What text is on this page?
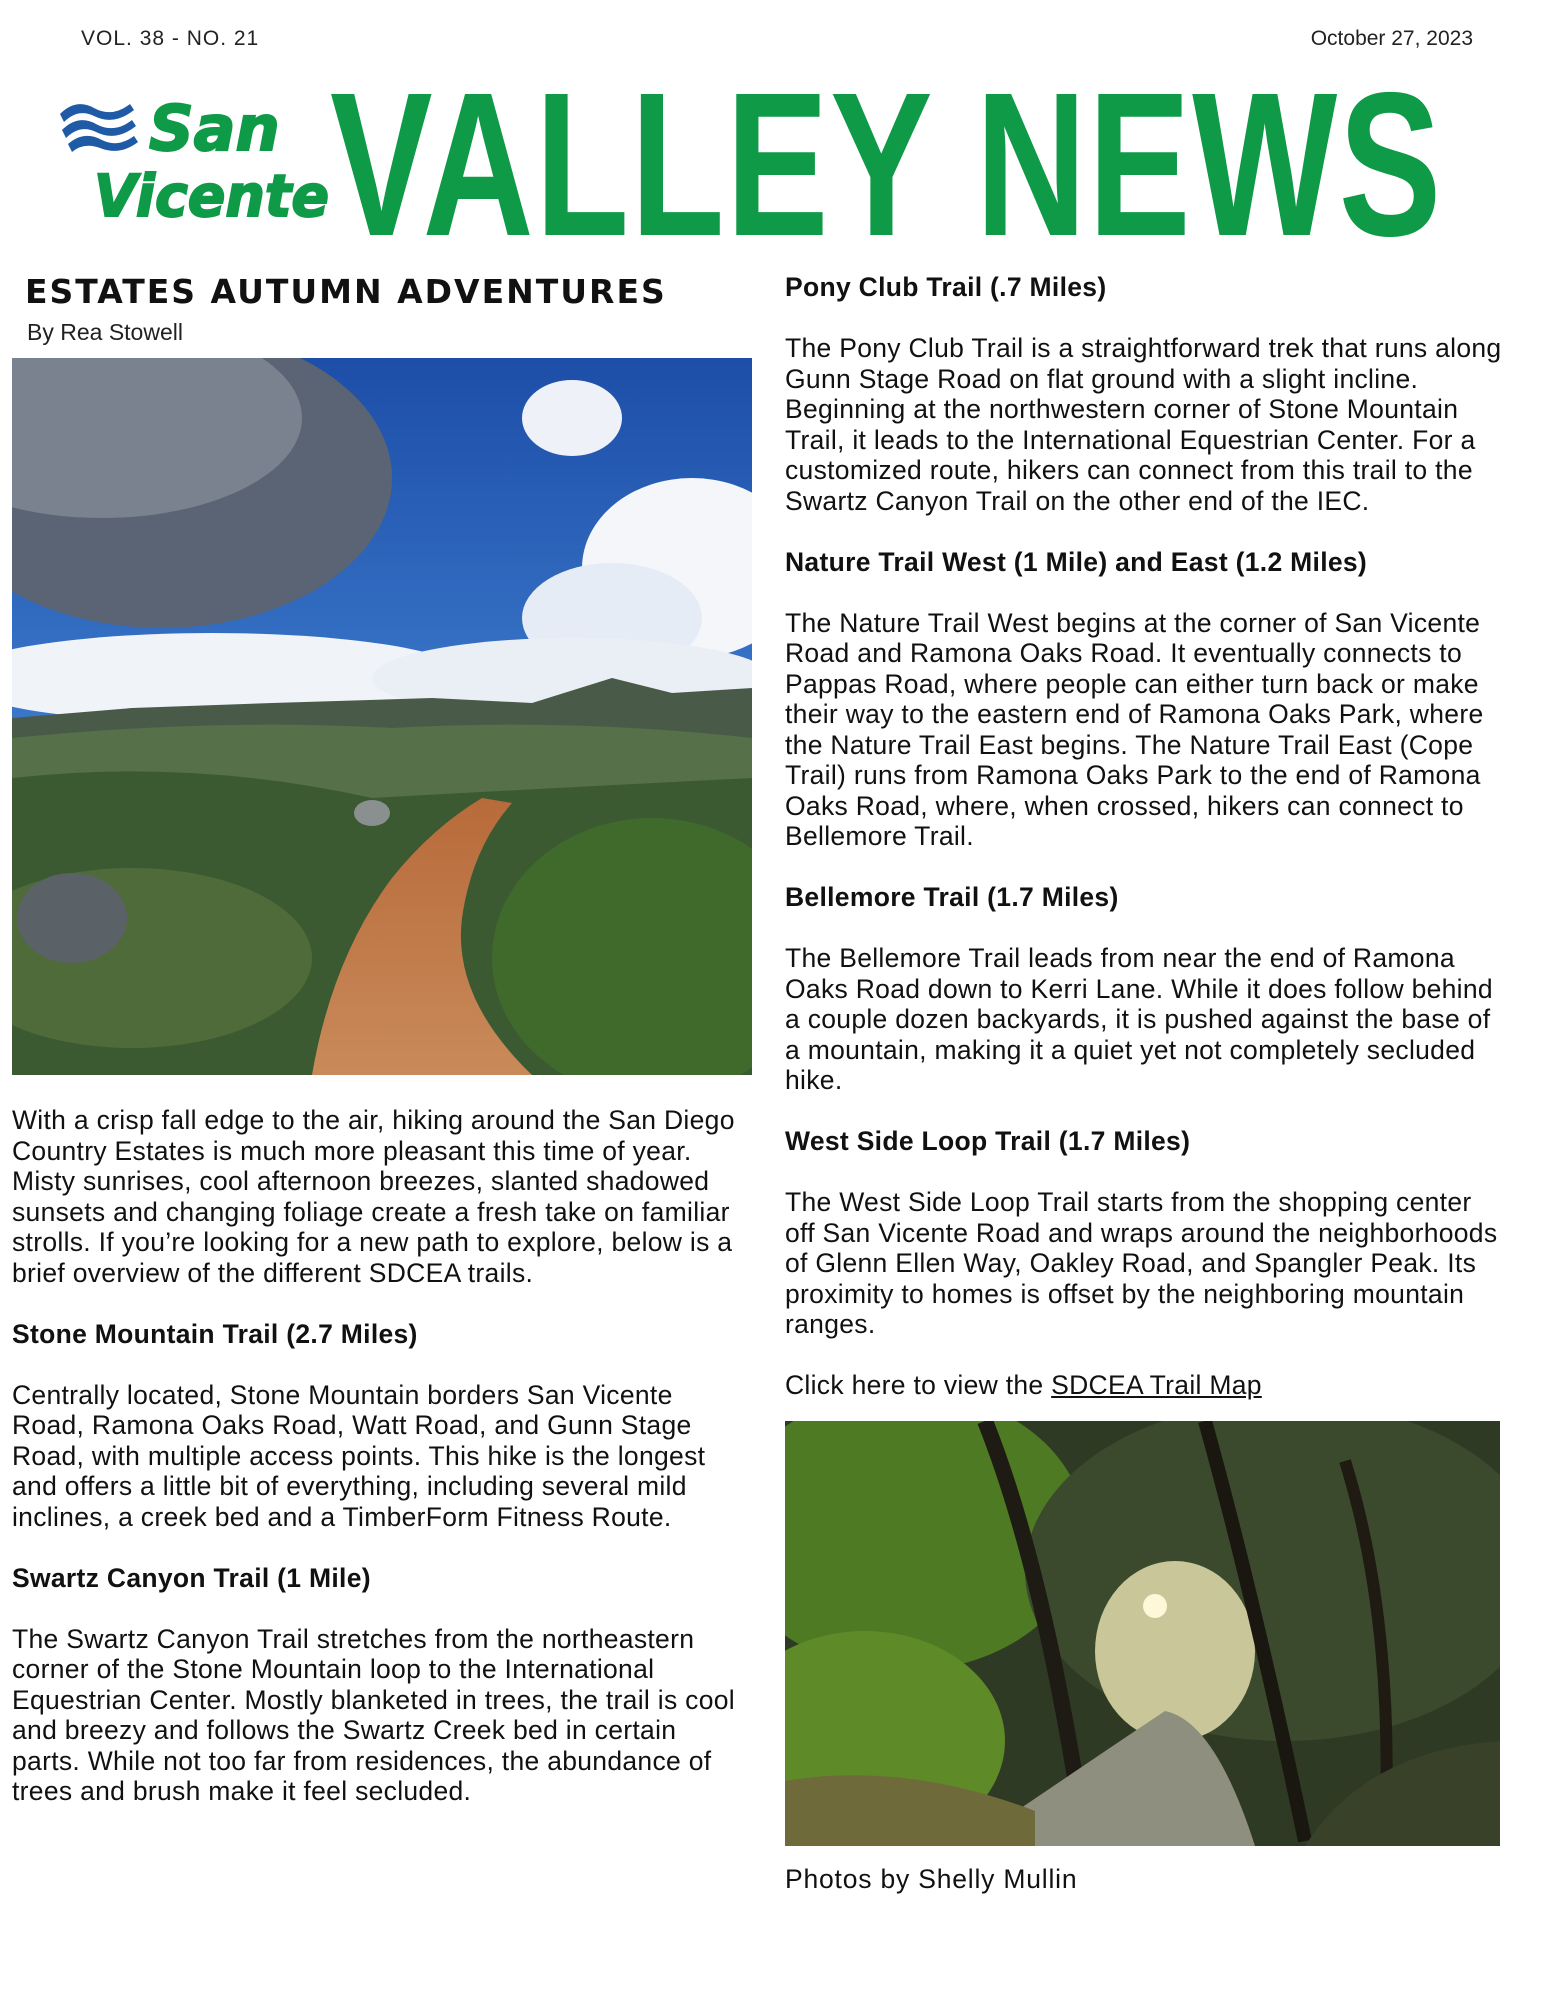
VOL. 38 - NO. 21	October 27, 2023
San
Vicente VALLEY NEWS
ESTATES AUTUMN ADVENTURES
By Rea Stowell

With a crisp fall edge to the air, hiking around the San Diego Country Estates is much more pleasant this time of year. Misty sunrises, cool afternoon breezes, slanted shadowed sunsets and changing foliage create a fresh take on familiar strolls. If you’re looking for a new path to explore, below is a brief overview of the different SDCEA trails.

Stone Mountain Trail (2.7 Miles)

Centrally located, Stone Mountain borders San Vicente Road, Ramona Oaks Road, Watt Road, and Gunn Stage Road, with multiple access points. This hike is the longest and offers a little bit of everything, including several mild inclines, a creek bed and a TimberForm Fitness Route.

Swartz Canyon Trail (1 Mile)

The Swartz Canyon Trail stretches from the northeastern corner of the Stone Mountain loop to the International Equestrian Center. Mostly blanketed in trees, the trail is cool and breezy and follows the Swartz Creek bed in certain parts. While not too far from residences, the abundance of trees and brush make it feel secluded.

Pony Club Trail (.7 Miles)

The Pony Club Trail is a straightforward trek that runs along Gunn Stage Road on flat ground with a slight incline. Beginning at the northwestern corner of Stone Mountain Trail, it leads to the International Equestrian Center. For a customized route, hikers can connect from this trail to the Swartz Canyon Trail on the other end of the IEC.

Nature Trail West (1 Mile) and East (1.2 Miles)

The Nature Trail West begins at the corner of San Vicente Road and Ramona Oaks Road. It eventually connects to Pappas Road, where people can either turn back or make their way to the eastern end of Ramona Oaks Park, where the Nature Trail East begins. The Nature Trail East (Cope Trail) runs from Ramona Oaks Park to the end of Ramona Oaks Road, where, when crossed, hikers can connect to Bellemore Trail.

Bellemore Trail (1.7 Miles)

The Bellemore Trail leads from near the end of Ramona Oaks Road down to Kerri Lane. While it does follow behind a couple dozen backyards, it is pushed against the base of a mountain, making it a quiet yet not completely secluded hike.

West Side Loop Trail (1.7 Miles)

The West Side Loop Trail starts from the shopping center off San Vicente Road and wraps around the neighborhoods of Glenn Ellen Way, Oakley Road, and Spangler Peak. Its proximity to homes is offset by the neighboring mountain ranges.

Click here to view the SDCEA Trail Map

Photos by Shelly Mullin
